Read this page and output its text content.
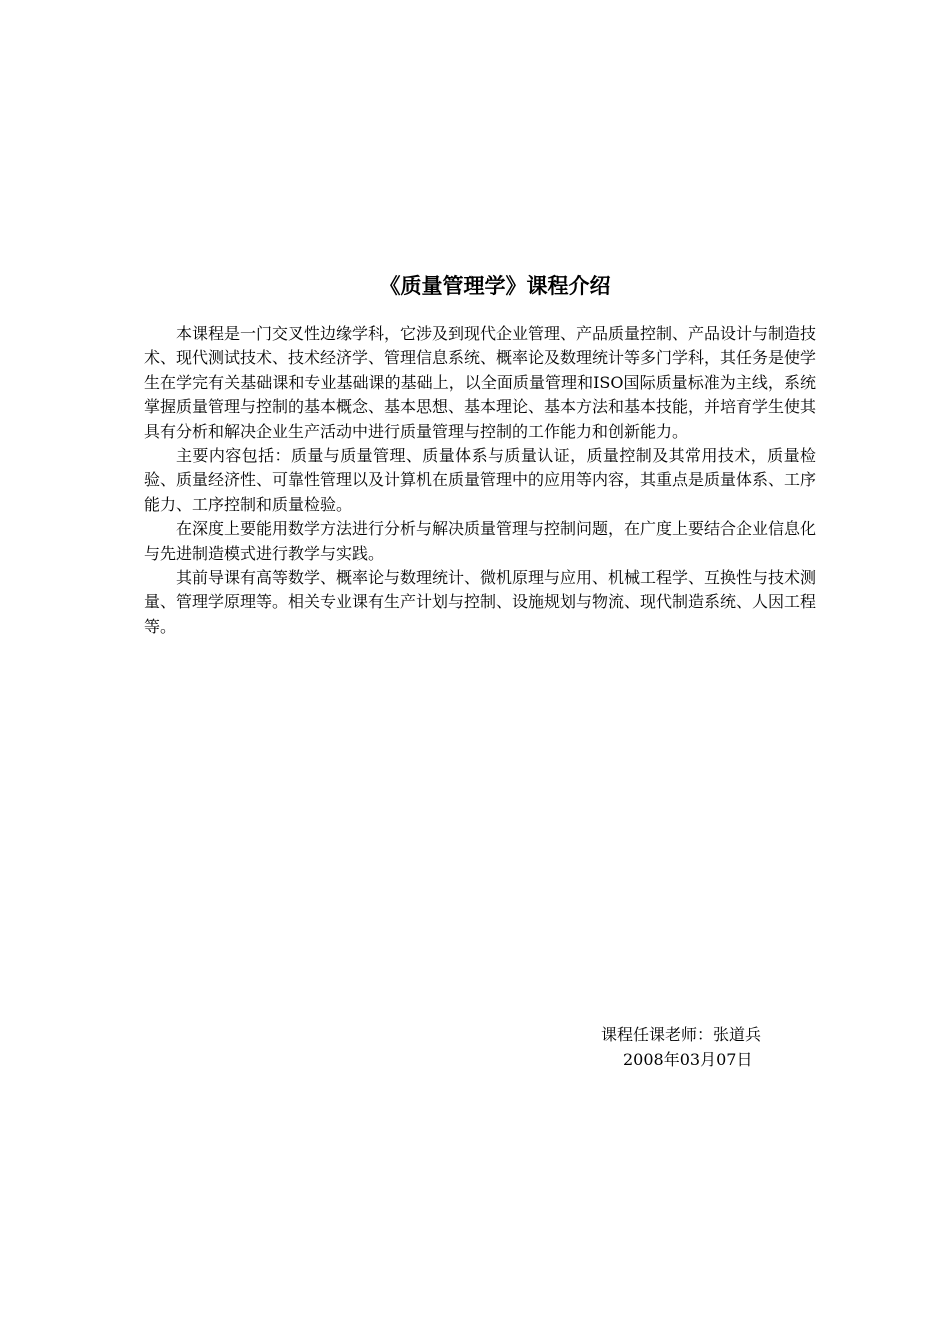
《质量管理学》课程介绍

本课程是一门交叉性边缘学科，它涉及到现代企业管理、产品质量控制、产品设计与制造技术、现代测试技术、技术经济学、管理信息系统、概率论及数理统计等多门学科，其任务是使学生在学完有关基础课和专业基础课的基础上，以全面质量管理和ISO国际质量标准为主线，系统掌握质量管理与控制的基本概念、基本思想、基本理论、基本方法和基本技能，并培育学生使其具有分析和解决企业生产活动中进行质量管理与控制的工作能力和创新能力。

主要内容包括：质量与质量管理、质量体系与质量认证，质量控制及其常用技术，质量检验、质量经济性、可靠性管理以及计算机在质量管理中的应用等内容，其重点是质量体系、工序能力、工序控制和质量检验。

在深度上要能用数学方法进行分析与解决质量管理与控制问题，在广度上要结合企业信息化与先进制造模式进行教学与实践。

其前导课有高等数学、概率论与数理统计、微机原理与应用、机械工程学、互换性与技术测量、管理学原理等。相关专业课有生产计划与控制、设施规划与物流、现代制造系统、人因工程等。

课程任课老师：张道兵
2008年03月07日
